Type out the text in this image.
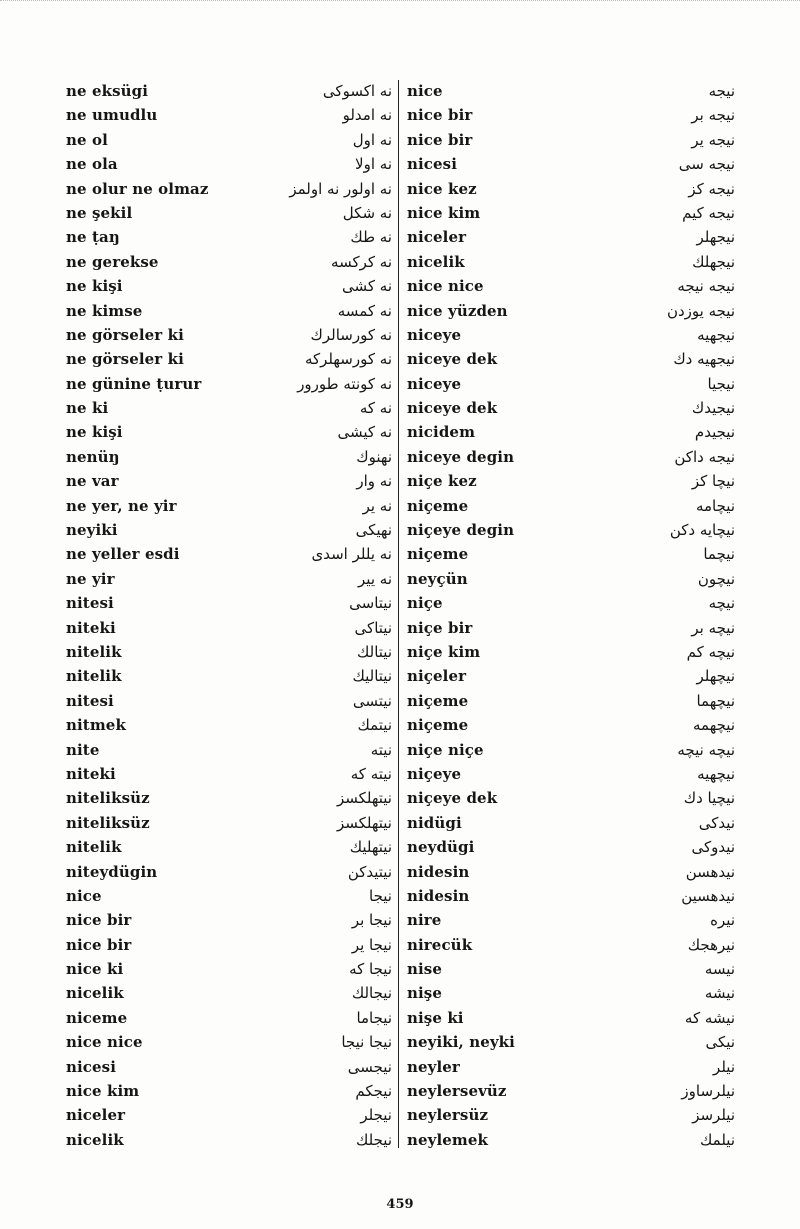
ne eksügi	نه اكسوكى
ne umudlu	نه امدلو
ne ol	نه اول
ne ola	نه اولا
ne olur ne olmaz	نه اولور نه اولمز
ne şekil	نه شكل
ne ṭaŋ	نه طك
ne gerekse	نه كركسه
ne kişi	نه كشى
ne kimse	نه كمسه
ne görseler ki	نه كورسالرك
ne görseler ki	نه كورسهلركه
ne günine ṭurur	نه كونته طورور
ne ki	نه كه
ne kişi	نه كيشى
nenüŋ	نهنوك
ne var	نه وار
ne yer, ne yir	نه ير
neyiki	نهيكى
ne yeller esdi	نه يللر اسدى
ne yir	نه يير
nitesi	نيتاسى
niteki	نيتاكى
nitelik	نيتالك
nitelik	نيتاليك
nitesi	نيتسى
nitmek	نيتمك
nite	نيته
niteki	نيته كه
niteliksüz	نيتهلكسز
niteliksüz	نيتهلكسز
nitelik	نيتهليك
niteydügin	نيتيدكن
nice	نيجا
nice bir	نيجا بر
nice bir	نيجا ير
nice ki	نيجا كه
nicelik	نيجالك
niceme	نيجاما
nice nice	نيجا نيجا
nicesi	نيجسى
nice kim	نيجكم
niceler	نيجلر
nicelik	نيجلك
nice	نيجه
nice bir	نيجه بر
nice bir	نيجه ير
nicesi	نيجه سى
nice kez	نيجه كز
nice kim	نيجه كيم
niceler	نيجهلر
nicelik	نيجهلك
nice nice	نيجه نيجه
nice yüzden	نيجه يوزدن
niceye	نيجهيه
niceye dek	نيجهيه دك
niceye	نيجيا
niceye dek	نيجيدك
nicidem	نيجيدم
niceye degin	نيجه داكن
niçe kez	نيچا كز
niçeme	نيچامه
niçeye degin	نيچايه دكن
niçeme	نيچما
neyçün	نيچون
niçe	نيچه
niçe bir	نيچه بر
niçe kim	نيچه كم
niçeler	نيچهلر
niçeme	نيچهما
niçeme	نيچهمه
niçe niçe	نيچه نيچه
niçeye	نيچهيه
niçeye dek	نيچيا دك
nidügi	نيدكى
neydügi	نيدوكى
nidesin	نيدهسن
nidesin	نيدهسين
nire	نيره
nirecük	نيرهجك
nise	نيسه
nişe	نيشه
nişe ki	نيشه كه
neyiki, neyki	نيكى
neyler	نيلر
neylersevüz	نيلرساوز
neylersüz	نيلرسز
neylemek	نيلمك
459
